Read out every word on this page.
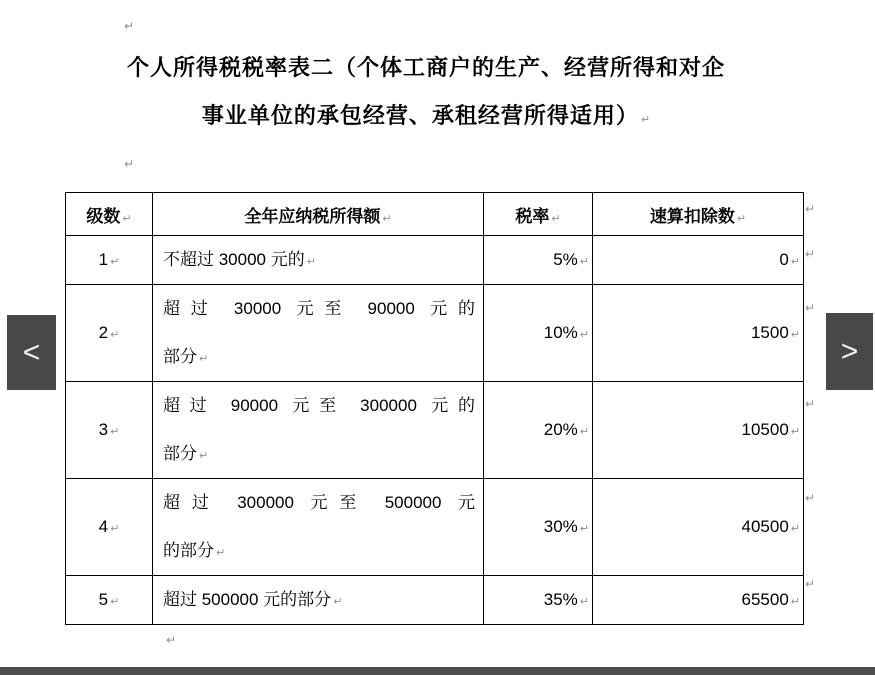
↵
个人所得税税率表二（个体工商户的生产、经营所得和对企
事业单位的承包经营、承租经营所得适用） ↵
↵
级数 ↵	全年应纳税所得额 ↵	税率 ↵	速算扣除数 ↵
1 ↵	不超过 30000 元的 ↵	5% ↵	0 ↵
2 ↵	超过 30000 元至 90000 元的
部分 ↵	10% ↵	1500 ↵
3 ↵	超过 90000 元至 300000 元的
部分 ↵	20% ↵	10500 ↵
4 ↵	超过 300000 元至 500000 元
的部分 ↵	30% ↵	40500 ↵
5 ↵	超过 500000 元的部分 ↵	35% ↵	65500 ↵
↵
↵
↵
↵
↵
↵
↵
<	>
